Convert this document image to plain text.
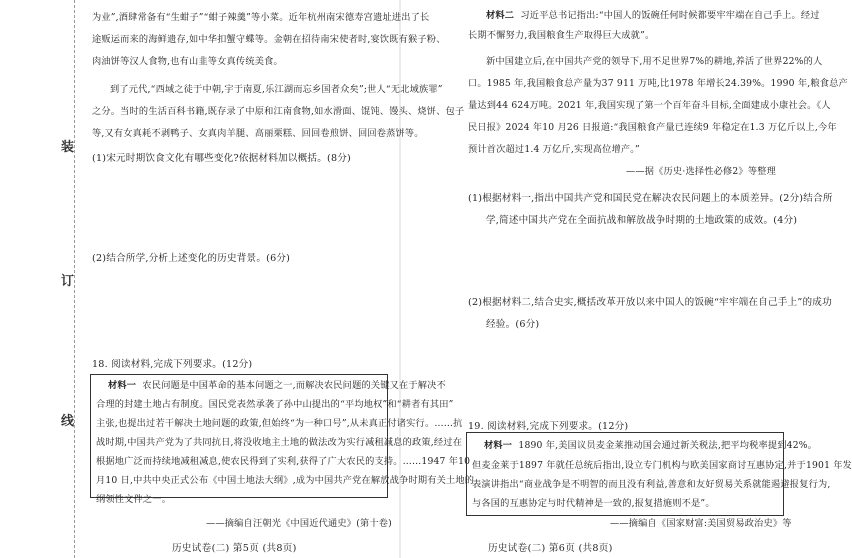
装
订
线
为业”,酒肆常备有“生蚶子”“蚶子辣羹”等小菜。近年杭州南宋德寿宫遗址进出了长
途贩运而来的海鲜遗存,如中华扣蟹守蝶等。金朝在招待南宋使者时,宴饮既有猴子粉、
肉油饼等汉人食物,也有山韭等女真传统美食。
到了元代,“西域之徒于中朝,宇于南夏,乐江湖而忘乡国者众矣”;世人“无北域族罪”
之分。当时的生活百科书籍,既存录了中原和江南食物,如水滑面、馄饨、馒头、烧饼、包子
等,又有女真耗不剥鸭子、女真肉羊腿、高丽栗糕、回回卷煎饼、回回卷蒸饼等。
(1)宋元时期饮食文化有哪些变化?依据材料加以概括。(8分)
(2)结合所学,分析上述变化的历史背景。(6分)
18. 阅读材料,完成下列要求。(12分)
材料一 农民问题是中国革命的基本问题之一,而解决农民问题的关键又在于解决不
合理的封建土地占有制度。国民党表然承袭了孙中山提出的“平均地权”和“耕者有其田”
主张,也提出过若干解决土地问题的政策,但始终“为一种口号”,从未真正付诸实行。……抗
战时期,中国共产党为了共同抗日,将没收地主土地的做法改为实行减租减息的政策,经过在
根据地广泛而持续地减租减息,使农民得到了实利,获得了广大农民的支持。……1947 年10
月10 日,中共中央正式公布《中国土地法大纲》,成为中国共产党在解放战争时期有关土地的
纲领性文件之一。
——摘编自汪朝光《中国近代通史》(第十卷)
历史试卷(二) 第5页 (共8页)
材料二 习近平总书记指出:“中国人的饭碗任何时候都要牢牢端在自己手上。经过
长期不懈努力,我国粮食生产取得巨大成就”。
新中国建立后,在中国共产党的领导下,用不足世界7%的耕地,养活了世界22%的人
口。1985 年,我国粮食总产量为37 911 万吨,比1978 年增长24.39%。1990 年,粮食总产
量达到44 624万吨。2021 年,我国实现了第一个百年奋斗目标,全面建成小康社会。《人
民日报》2024 年10 月26 日报道:“我国粮食产量已连续9 年稳定在1.3 万亿斤以上,今年
预计首次超过1.4 万亿斤,实现高位增产。”
——据《历史·选择性必修2》等整理
(1)根据材料一,指出中国共产党和国民党在解决农民问题上的本质差异。(2分)结合所
学,简述中国共产党在全面抗战和解放战争时期的土地政策的成效。(4分)
(2)根据材料二,结合史实,概括改革开放以来中国人的饭碗“牢牢端在自己手上”的成功
经验。(6分)
19. 阅读材料,完成下列要求。(12分)
材料一 1890 年,美国议员麦金莱推动国会通过新关税法,把平均税率提到42%。
但麦金莱于1897 年就任总统后指出,设立专门机构与欧美国家商讨互惠协定,并于1901 年发
表演讲指出“商业战争是不明智的而且没有利益,善意和友好贸易关系就能遏避报复行为,
与各国的互惠协定与时代精神是一致的,报复措施则不是”。
——摘编自《国家财富:美国贸易政治史》等
历史试卷(二) 第6页 (共8页)
